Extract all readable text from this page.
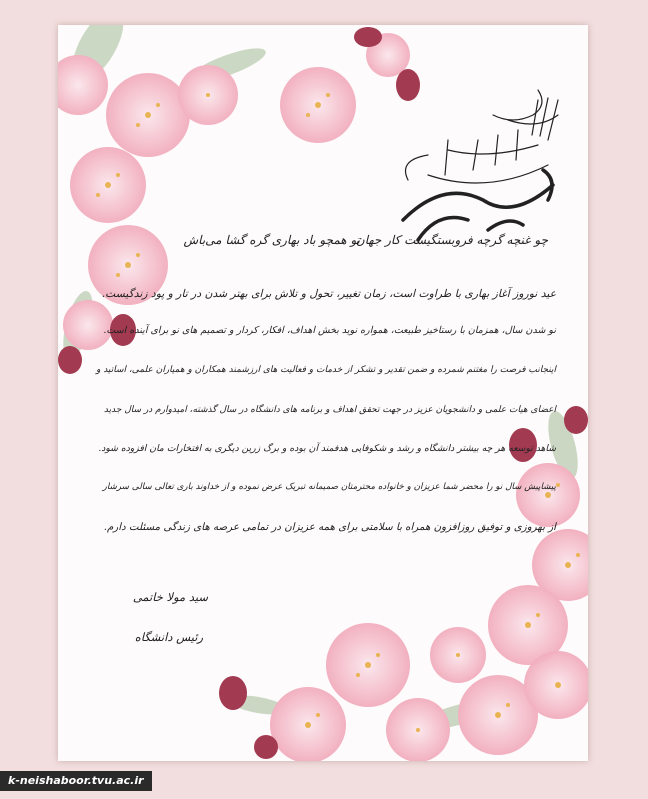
چو غنچه گرچه فروبستگیست کار جهان
تو همچو باد بهاری گره گشا می‌باش
عید نوروز آغاز بهاری با طراوت است، زمان تغییر، تحول و تلاش برای بهتر شدن در تار و پود زندگیست.
نو شدن سال، همزمان با رستاخیز طبیعت، همواره نوید بخش اهداف، افکار، کردار و تصمیم های نو برای آینده است.
اینجانب فرصت را مغتنم شمرده و ضمن تقدیر و تشکر از خدمات و فعالیت های ارزشمند همکاران و همیاران علمی، اساتید و
اعضای هیات علمی و دانشجویان عزیز در جهت تحقق اهداف و برنامه های دانشگاه در سال گذشته، امیدوارم در سال جدید
شاهد توسعه هر چه بیشتر دانشگاه و رشد و شکوفایی هدفمند آن بوده و برگ زرین دیگری به افتخارات مان افزوده شود.
پیشاپیش سال نو را محضر شما عزیزان و خانواده محترمتان صمیمانه تبریک عرض نموده و از خداوند باری تعالی سالی سرشار
از بهروزی و توفیق روزافزون همراه با سلامتی برای همه عزیزان در تمامی عرصه های زندگی مسئلت دارم.
سید مولا خاتمی
رئیس دانشگاه
k-neishaboor.tvu.ac.ir
